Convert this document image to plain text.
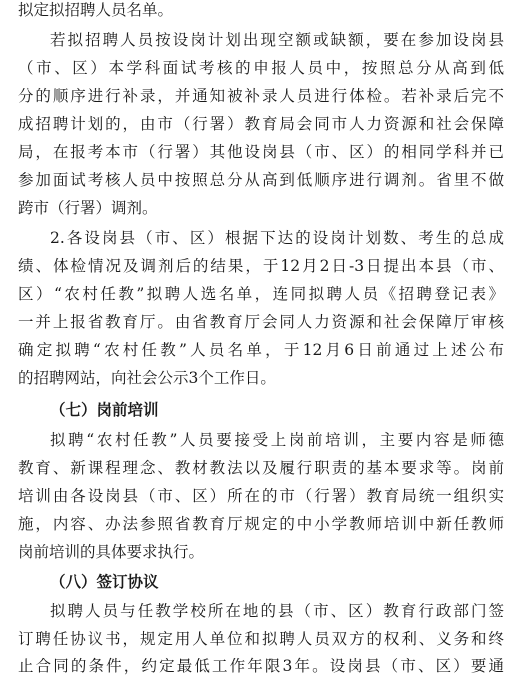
拟定拟招聘人员名单。
若拟招聘人员按设岗计划出现空额或缺额，要在参加设岗县
（市、区）本学科面试考核的申报人员中，按照总分从高到低
分的顺序进行补录，并通知被补录人员进行体检。若补录后完不
成招聘计划的，由市（行署）教育局会同市人力资源和社会保障
局，在报考本市（行署）其他设岗县（市、区）的相同学科并已
参加面试考核人员中按照总分从高到低顺序进行调剂。省里不做
跨市（行署）调剂。
2.各设岗县（市、区）根据下达的设岗计划数、考生的总成
绩、体检情况及调剂后的结果，于12月2日-3日提出本县（市、
区）“农村任教”拟聘人选名单，连同拟聘人员《招聘登记表》
一并上报省教育厅。由省教育厅会同人力资源和社会保障厅审核
确定拟聘“农村任教”人员名单，于12月6日前通过上述公布
的招聘网站，向社会公示3个工作日。
（七）岗前培训
拟聘“农村任教”人员要接受上岗前培训，主要内容是师德
教育、新课程理念、教材教法以及履行职责的基本要求等。岗前
培训由各设岗县（市、区）所在的市（行署）教育局统一组织实
施，内容、办法参照省教育厅规定的中小学教师培训中新任教师
岗前培训的具体要求执行。
（八）签订协议
拟聘人员与任教学校所在地的县（市、区）教育行政部门签
订聘任协议书，规定用人单位和拟聘人员双方的权利、义务和终
止合同的条件，约定最低工作年限3年。设岗县（市、区）要通
